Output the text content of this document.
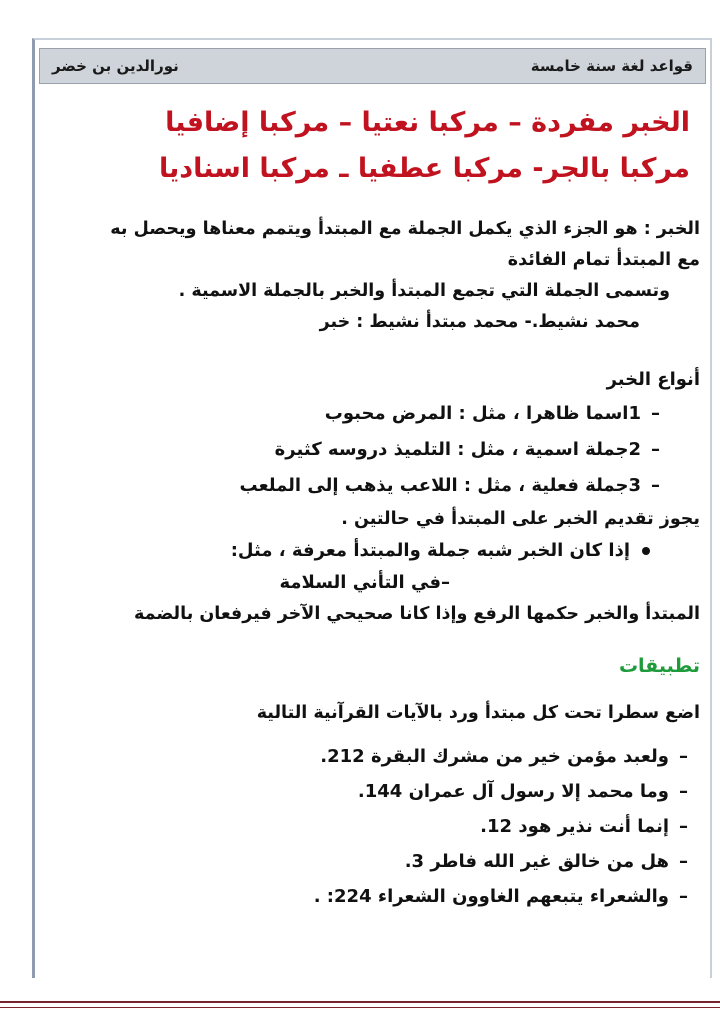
قواعد لغة سنة خامسة
نورالدين بن خضر
الخبر مفردة – مركبا نعتيا – مركبا إضافيا
مركبا بالجر- مركبا عطفيا ـ مركبا اسناديا

الخبر : هو الجزء الذي يكمل الجملة مع المبتدأ ويتمم معناها ويحصل به

مع المبتدأ تمام الفائدة

وتسمى الجملة التي تجمع المبتدأ والخبر بالجملة الاسمية .

محمد نشيط.- محمد مبتدأ نشيط : خبر

أنواع الخبر

–1اسما ظاهرا ، مثل : المرض محبوب
–2جملة اسمية ، مثل : التلميذ دروسه كثيرة
–3جملة فعلية ، مثل : اللاعب يذهب إلى الملعب

يجوز تقديم الخبر على المبتدأ في حالتين .

إذا كان الخبر شبه جملة والمبتدأ معرفة ، مثل:
–في التأني السلامة

المبتدأ والخبر حكمها الرفع وإذا كانا صحيحي الآخر فيرفعان بالضمة

تطبيقات

اضع سطرا تحت كل مبتدأ ورد بالآيات القرآنية التالية

–ولعبد مؤمن خير من مشرك البقرة 212.
–وما محمد إلا رسول آل عمران 144.
–إنما أنت نذير هود 12.
–هل من خالق غير الله فاطر 3.
–والشعراء يتبعهم الغاوون الشعراء 224: .
